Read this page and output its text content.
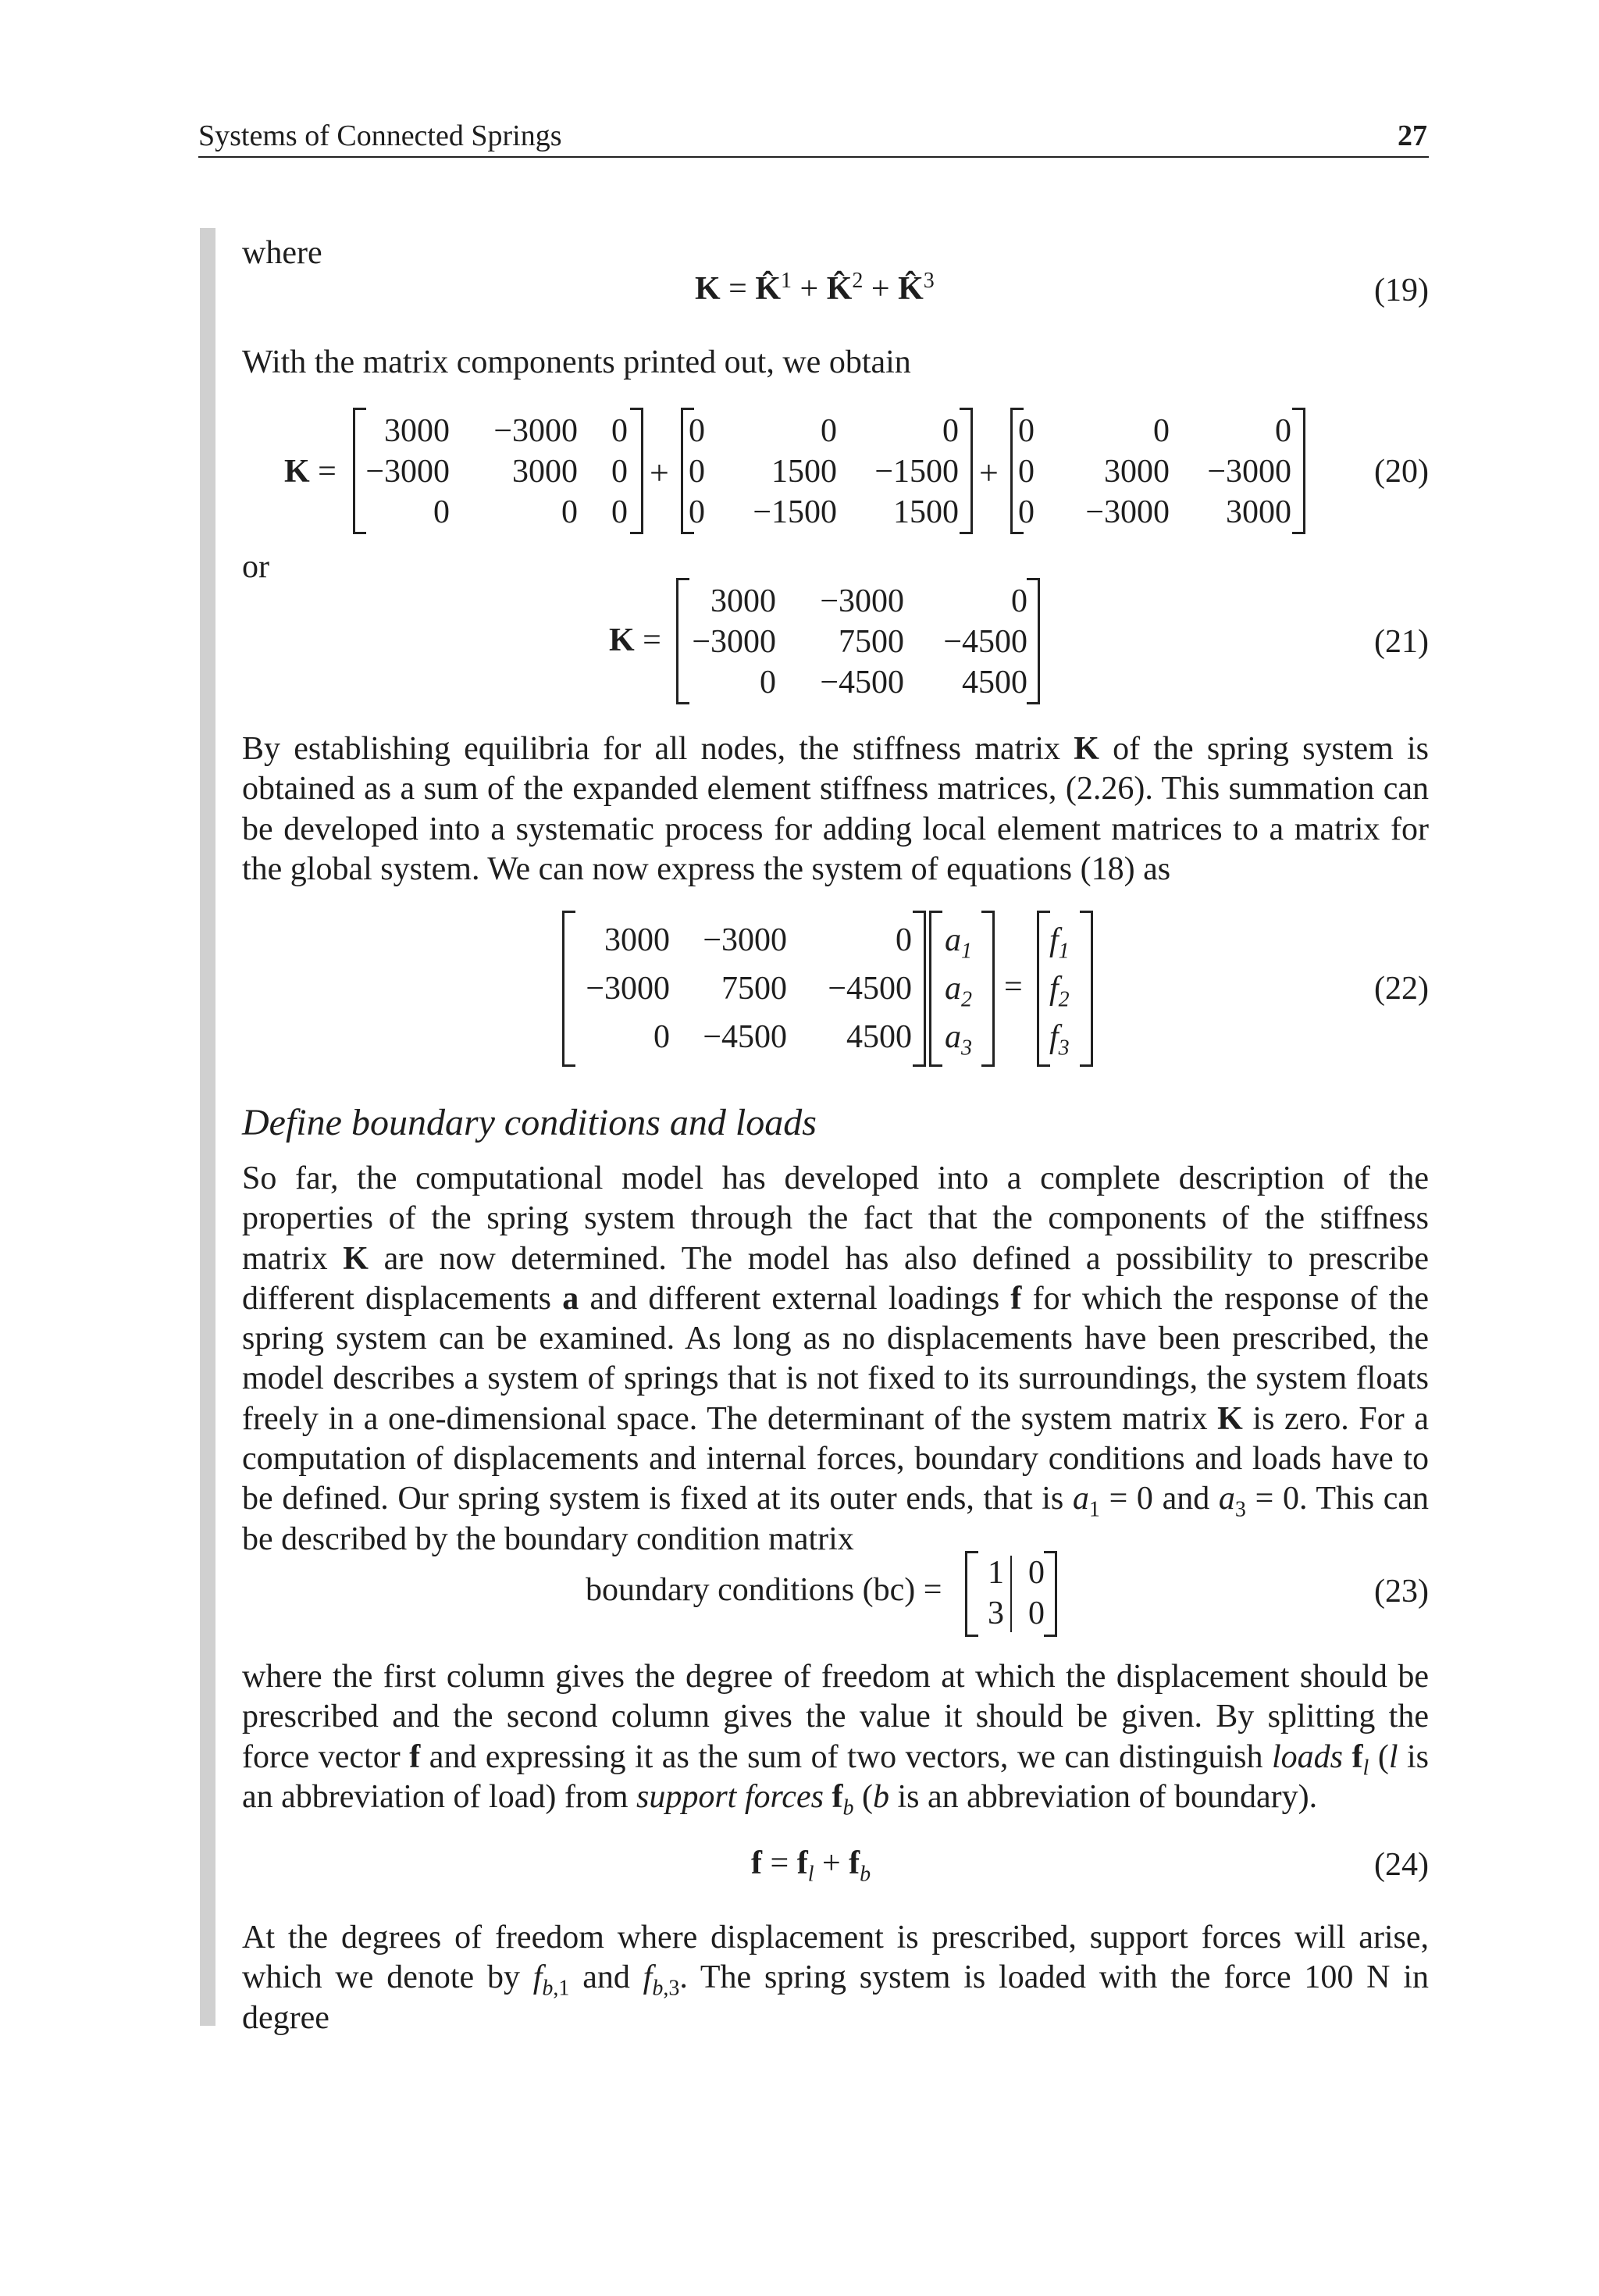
Systems of Connected Springs	27
where
K = K̂$^1$ + K̂$^2$ + K̂$^3$	(19)
With the matrix components printed out, we obtain
K =
3000	−3000	0
−3000	3000	0
0	0	0
+
0	0	0
0	1500	−1500
0	−1500	1500
+
0	0	0
0	3000	−3000
0	−3000	3000
(20)
or
K =
3000	−3000	0
−3000	7500	−4500
0	−4500	4500
(21)
By establishing equilibria for all nodes, the stiffness matrix K of the spring system is obtained as a sum of the expanded element stiffness matrices, (2.26). This summation can be developed into a systematic process for adding local element matrices to a matrix for the global system. We can now express the system of equations (18) as
3000	−3000	0
−3000	7500	−4500
0	−4500	4500
$a_1$
$a_2$
$a_3$
=
$f_1$
$f_2$
$f_3$
(22)
Define boundary conditions and loads
So far, the computational model has developed into a complete description of the properties of the spring system through the fact that the components of the stiffness matrix K are now determined. The model has also defined a possibility to prescribe different displacements a and different external loadings f for which the response of the spring system can be examined. As long as no displacements have been prescribed, the model describes a system of springs that is not fixed to its surroundings, the system floats freely in a one-dimensional space. The determinant of the system matrix K is zero. For a computation of displacements and internal forces, boundary conditions and loads have to be defined. Our spring system is fixed at its outer ends, that is $a_1 = 0$ and $a_3 = 0$. This can be described by the boundary condition matrix
boundary conditions (bc) =	1 0
3 0
(23)
where the first column gives the degree of freedom at which the displacement should be prescribed and the second column gives the value it should be given. By splitting the force vector f and expressing it as the sum of two vectors, we can distinguish loads $f_l$ (l is an abbreviation of load) from support forces $f_b$ (b is an abbreviation of boundary).
$f = f_l + f_b$	(24)
At the degrees of freedom where displacement is prescribed, support forces will arise, which we denote by $f_{b,1}$ and $f_{b,3}$. The spring system is loaded with the force 100 N in degree
